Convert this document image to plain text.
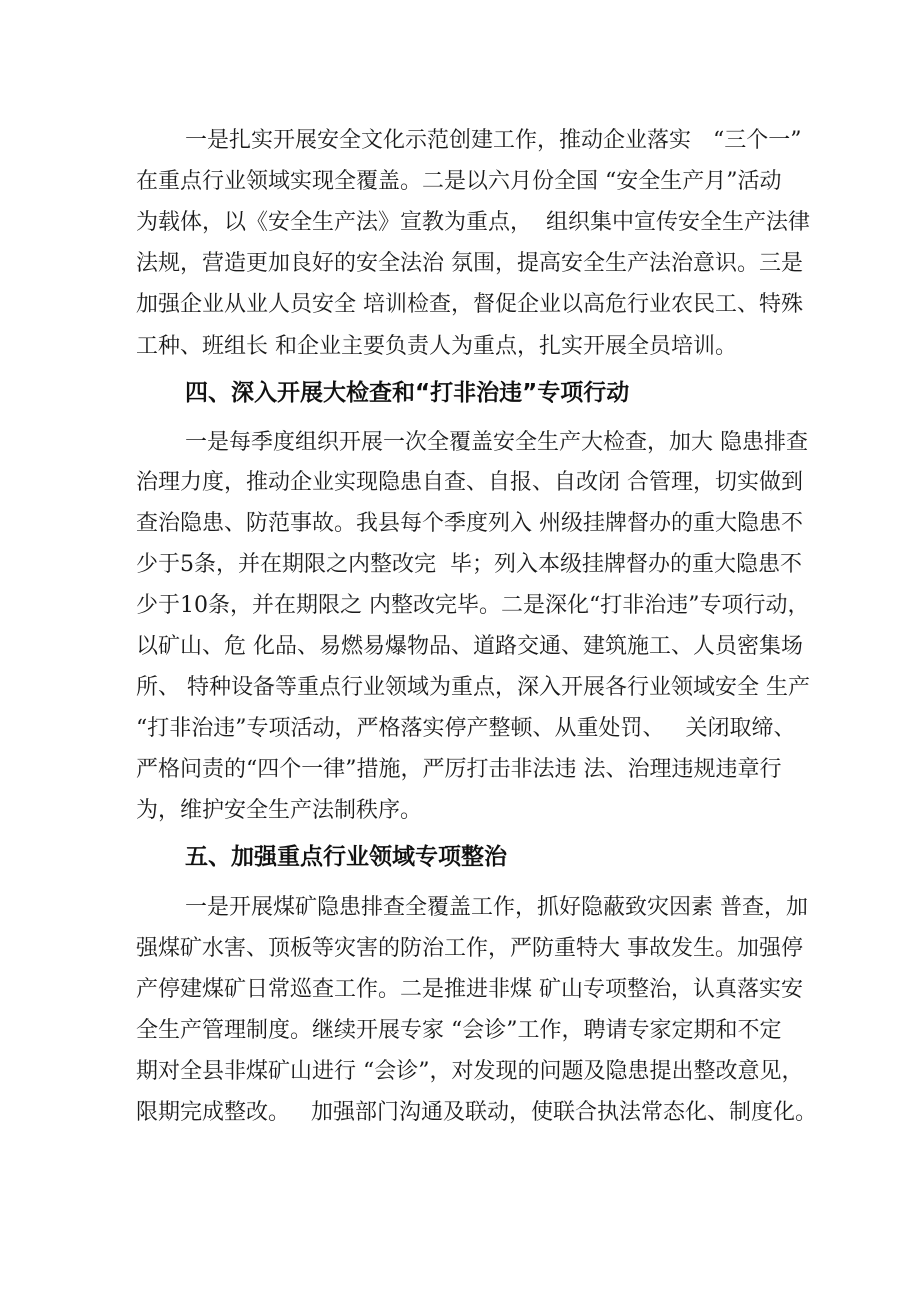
一是扎实开展安全文化示范创建工作，推动企业落实　“三个一”
在重点行业领域实现全覆盖。二是以六月份全国 “安全生产月”活动
为载体，以《安全生产法》宣教为重点，  组织集中宣传安全生产法律
法规，营造更加良好的安全法治 氛围，提高安全生产法治意识。三是
加强企业从业人员安全 培训检查，督促企业以高危行业农民工、特殊
工种、班组长 和企业主要负责人为重点，扎实开展全员培训。
四、深入开展大检查和“打非治违”专项行动
一是每季度组织开展一次全覆盖安全生产大检查，加大 隐患排查
治理力度，推动企业实现隐患自查、自报、自改闭 合管理，切实做到
查治隐患、防范事故。我县每个季度列入 州级挂牌督办的重大隐患不
少于5条，并在期限之内整改完  毕；列入本级挂牌督办的重大隐患不
少于10条，并在期限之 内整改完毕。二是深化“打非治违”专项行动，
以矿山、危 化品、易燃易爆物品、道路交通、建筑施工、人员密集场
所、 特种设备等重点行业领域为重点，深入开展各行业领域安全 生产
“打非治违”专项活动，严格落实停产整顿、从重处罚、   关闭取缔、
严格问责的“四个一律”措施，严厉打击非法违 法、治理违规违章行
为，维护安全生产法制秩序。
五、加强重点行业领域专项整治
一是开展煤矿隐患排查全覆盖工作，抓好隐蔽致灾因素 普查，加
强煤矿水害、顶板等灾害的防治工作，严防重特大 事故发生。加强停
产停建煤矿日常巡查工作。二是推进非煤 矿山专项整治，认真落实安
全生产管理制度。继续开展专家 “会诊”工作，聘请专家定期和不定
期对全县非煤矿山进行 “会诊”，对发现的问题及隐患提出整改意见，
限期完成整改。   加强部门沟通及联动，使联合执法常态化、制度化。
